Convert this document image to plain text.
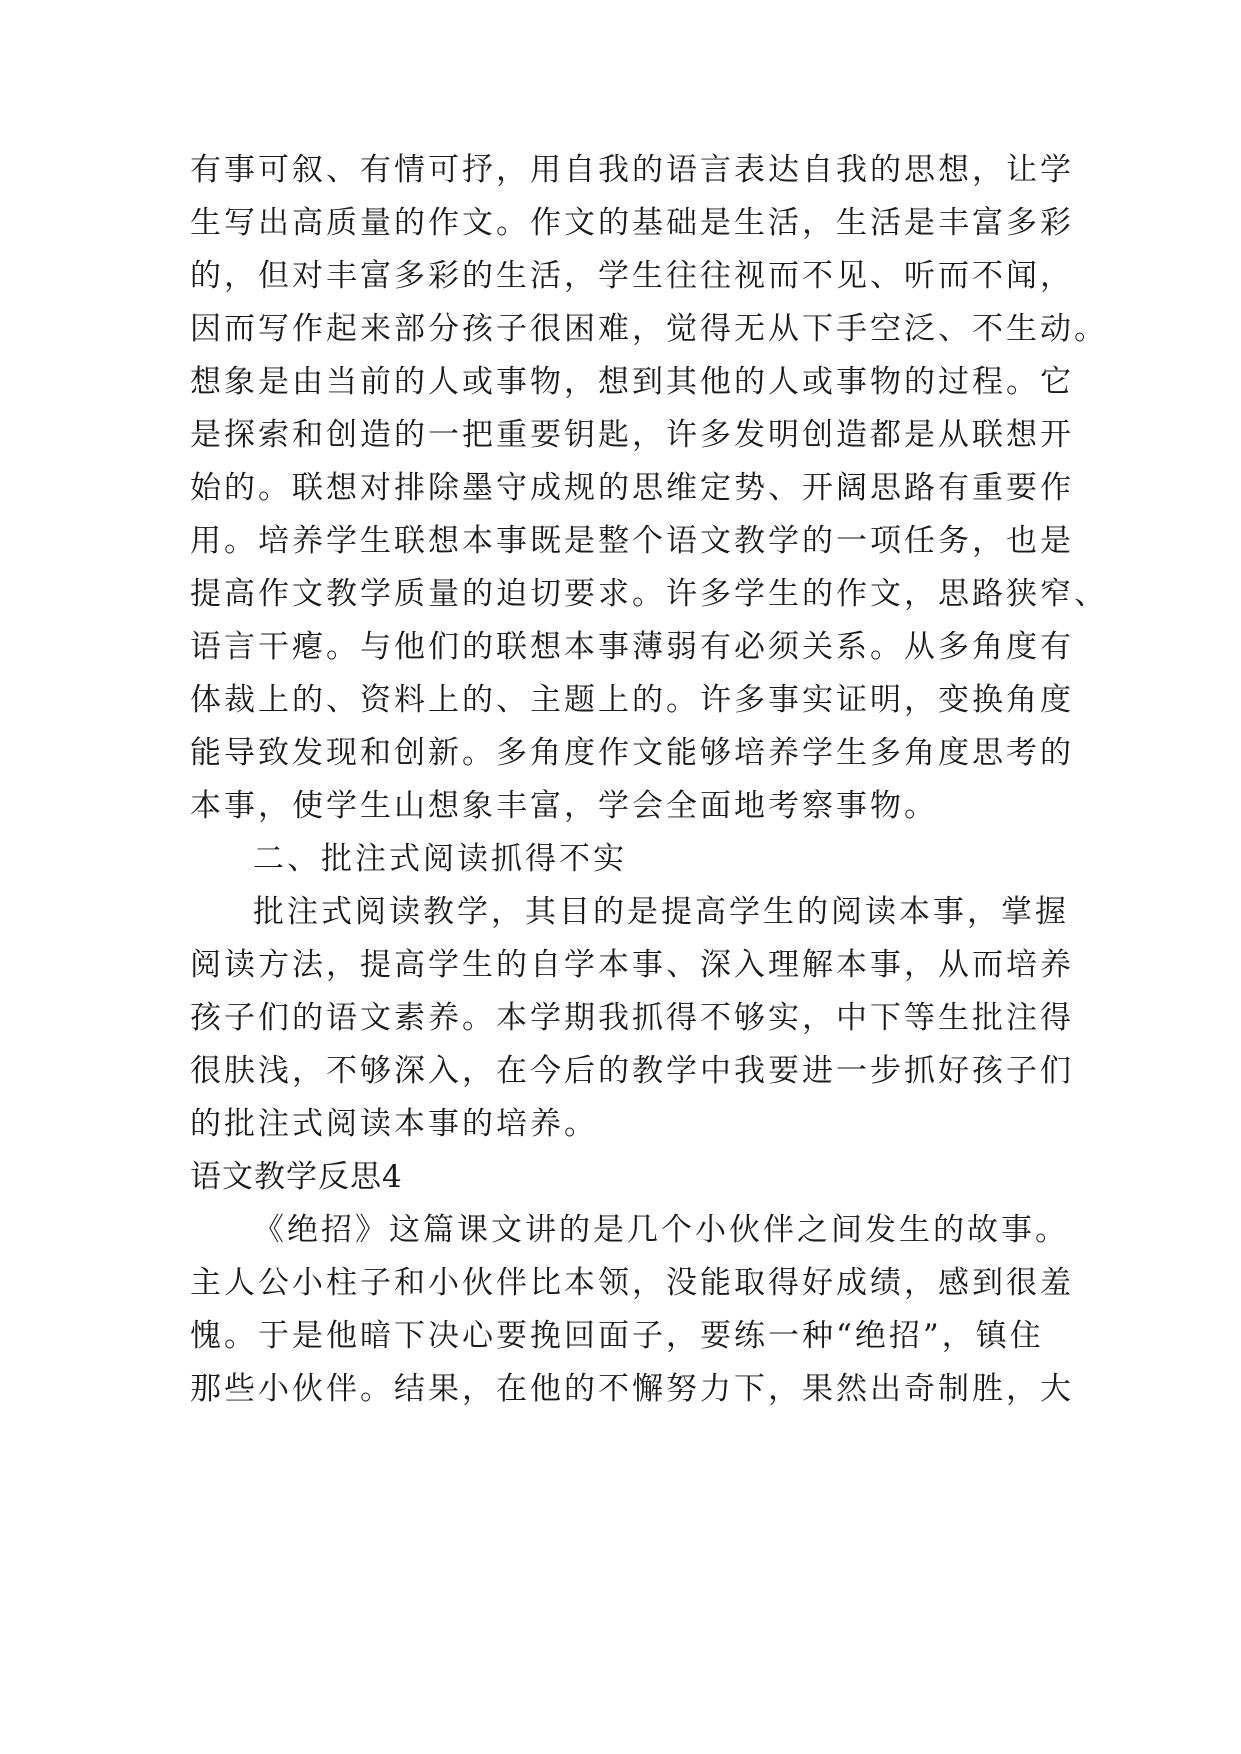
有事可叙、有情可抒，用自我的语言表达自我的思想，让学
生写出高质量的作文。作文的基础是生活，生活是丰富多彩
的，但对丰富多彩的生活，学生往往视而不见、听而不闻，
因而写作起来部分孩子很困难，觉得无从下手空泛、不生动。
想象是由当前的人或事物，想到其他的人或事物的过程。它
是探索和创造的一把重要钥匙，许多发明创造都是从联想开
始的。联想对排除墨守成规的思维定势、开阔思路有重要作
用。培养学生联想本事既是整个语文教学的一项任务，也是
提高作文教学质量的迫切要求。许多学生的作文，思路狭窄、
语言干瘪。与他们的联想本事薄弱有必须关系。从多角度有
体裁上的、资料上的、主题上的。许多事实证明，变换角度
能导致发现和创新。多角度作文能够培养学生多角度思考的
本事，使学生山想象丰富，学会全面地考察事物。
二、批注式阅读抓得不实
批注式阅读教学，其目的是提高学生的阅读本事，掌握
阅读方法，提高学生的自学本事、深入理解本事，从而培养
孩子们的语文素养。本学期我抓得不够实，中下等生批注得
很肤浅，不够深入，在今后的教学中我要进一步抓好孩子们
的批注式阅读本事的培养。
语文教学反思4
《绝招》这篇课文讲的是几个小伙伴之间发生的故事。
主人公小柱子和小伙伴比本领，没能取得好成绩，感到很羞
愧。于是他暗下决心要挽回面子，要练一种“绝招”，镇住
那些小伙伴。结果，在他的不懈努力下，果然出奇制胜，大
